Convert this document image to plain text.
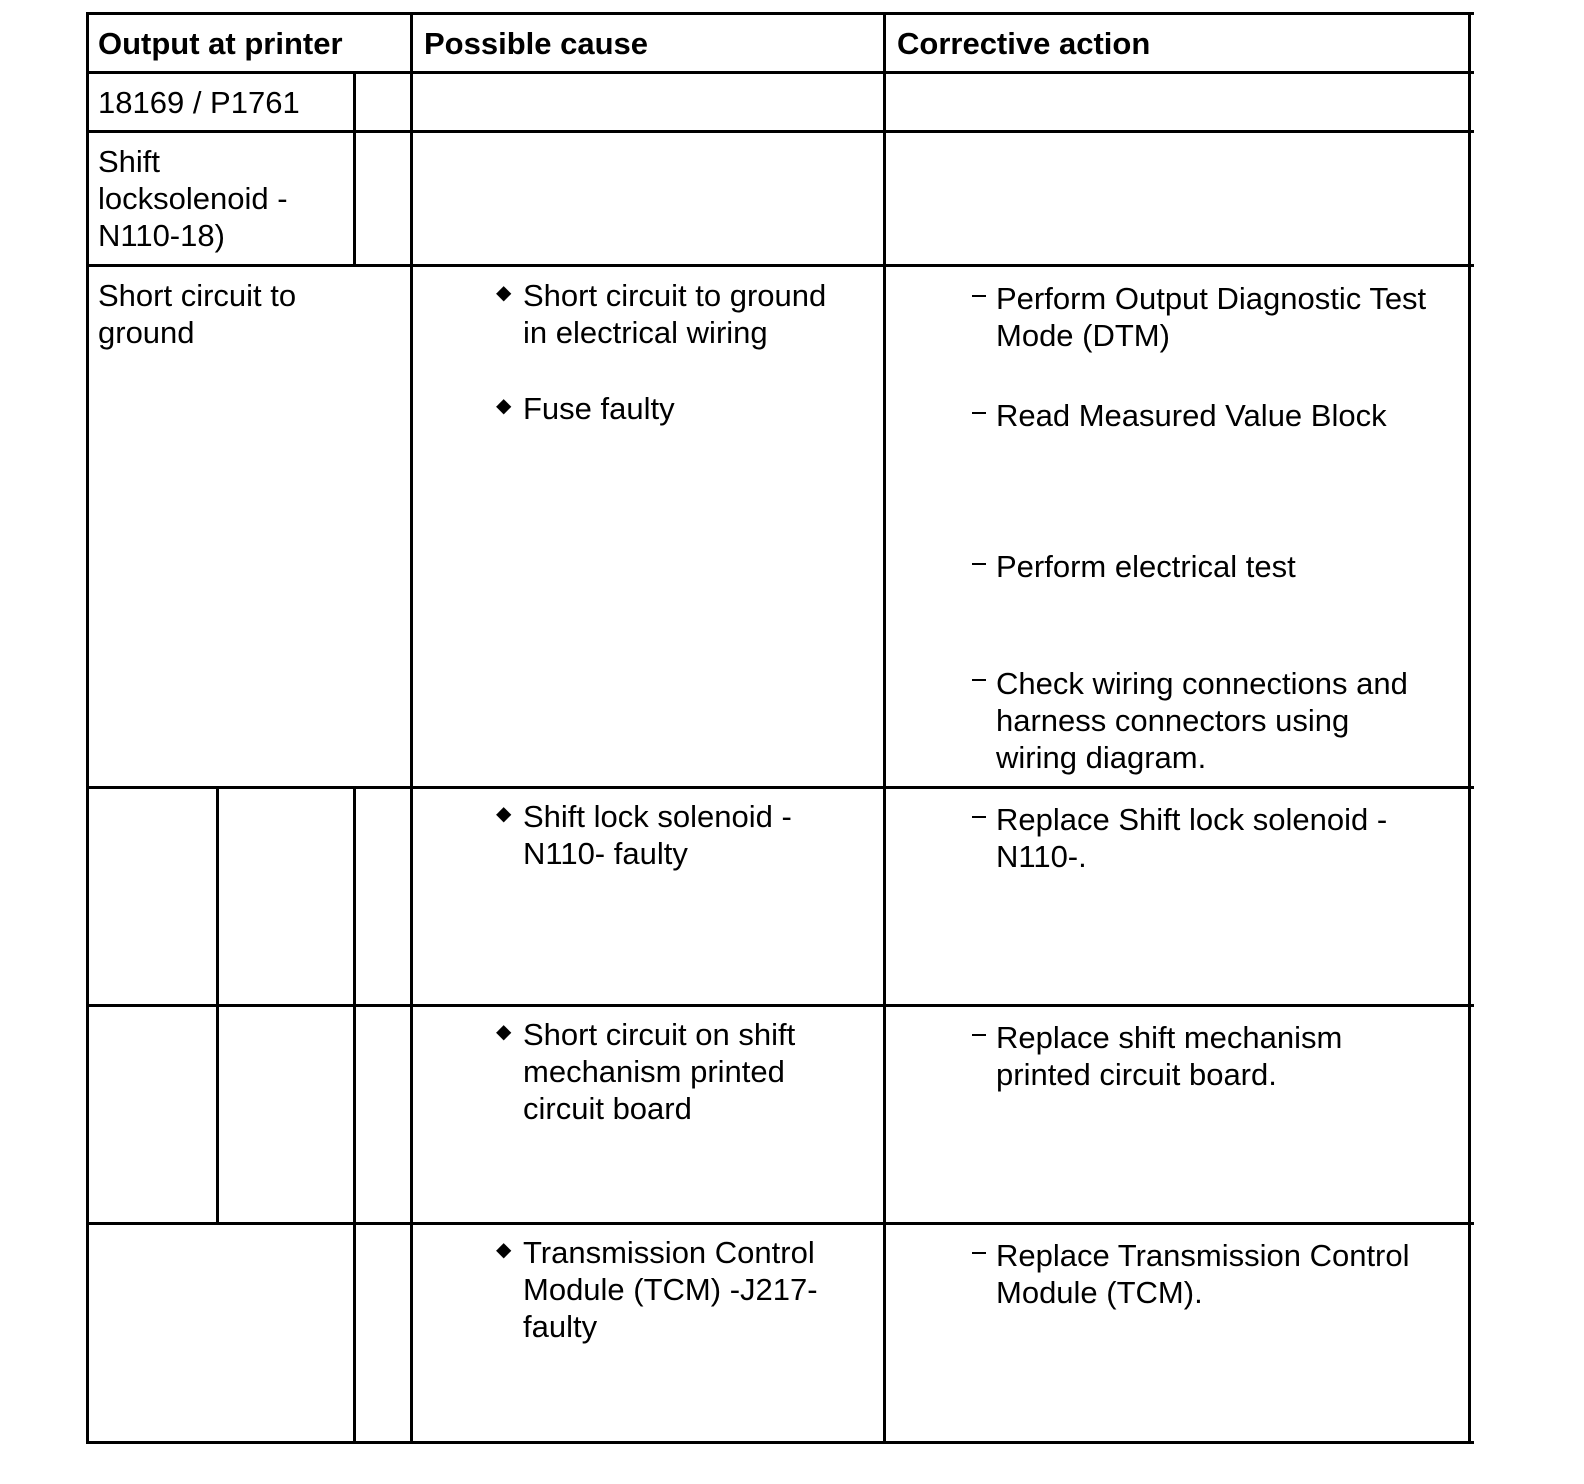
Output at printer	Possible cause	Corrective action
18169 / P1761
Shift
locksolenoid -
N110-18)
Short circuit to
ground
◆ Short circuit to ground
in electrical wiring
◆ Fuse faulty
◆ Shift lock solenoid -
N110- faulty
◆ Short circuit on shift
mechanism printed
circuit board
◆ Transmission Control
Module (TCM) -J217-
faulty
Perform Output Diagnostic Test
Mode (DTM)
Read Measured Value Block
Perform electrical test
Check wiring connections and
harness connectors using
wiring diagram.
Replace Shift lock solenoid -
N110-.
Replace shift mechanism
printed circuit board.
Replace Transmission Control
Module (TCM).
